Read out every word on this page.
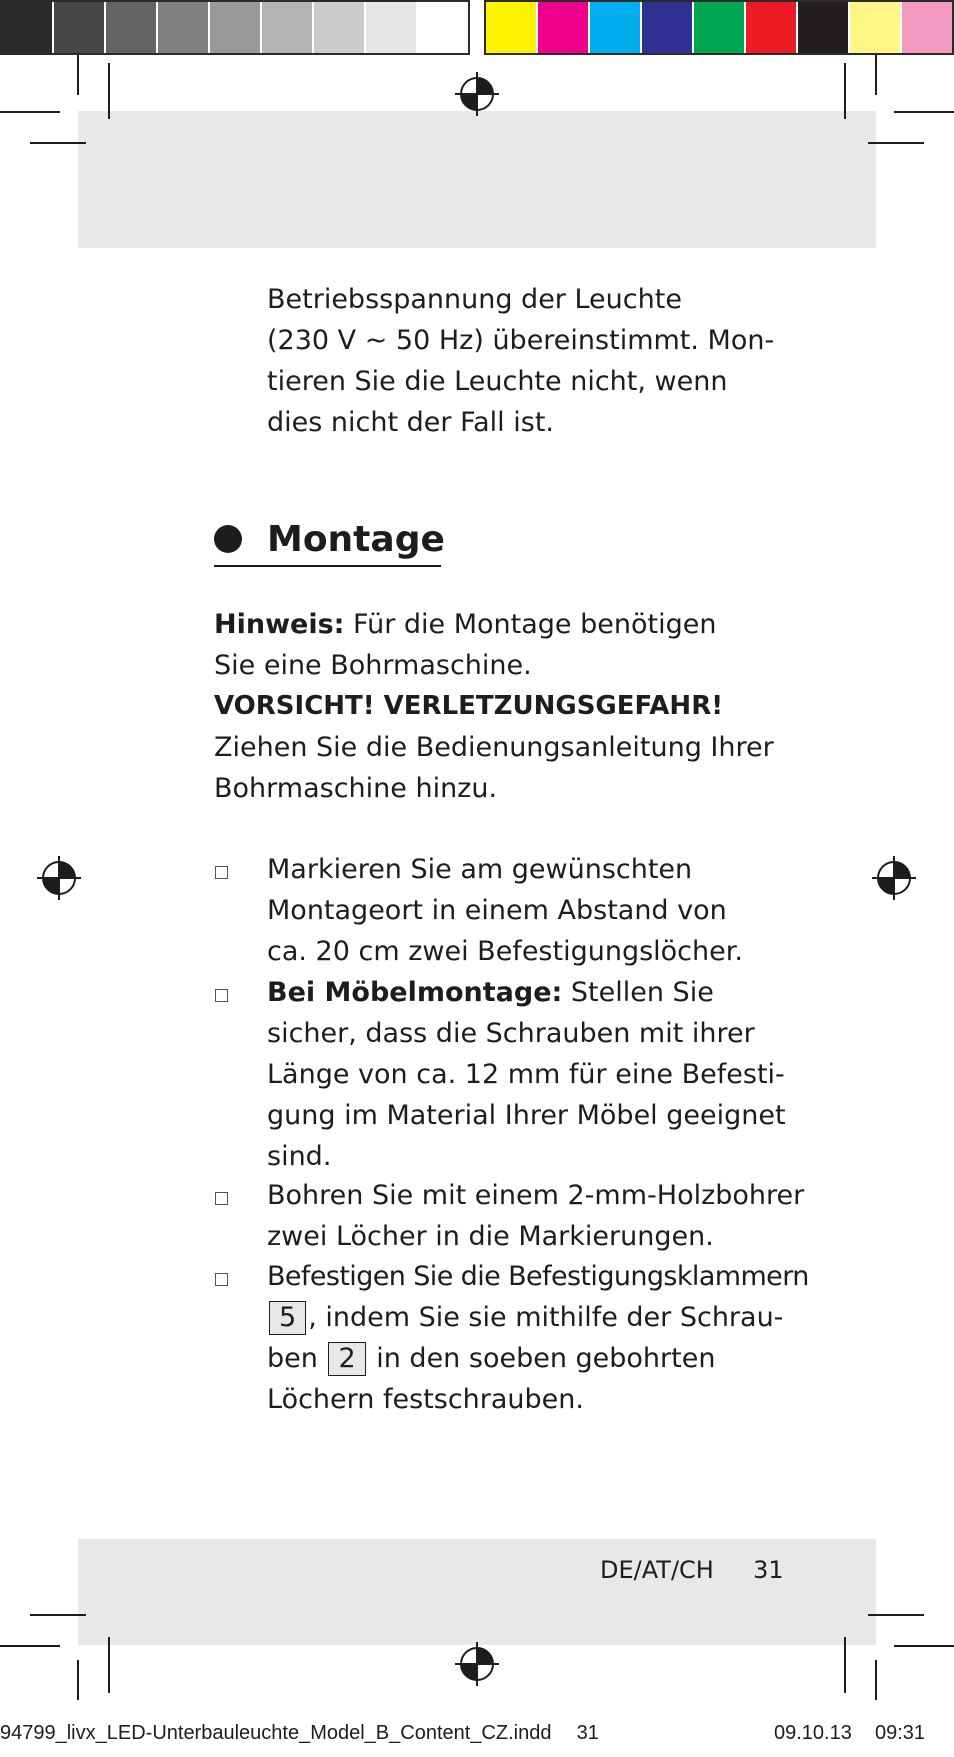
Betriebsspannung der Leuchte
(230 V ~ 50 Hz) übereinstimmt. Mon-
tieren Sie die Leuchte nicht, wenn
dies nicht der Fall ist.
Montage
Hinweis: Für die Montage benötigen
Sie eine Bohrmaschine.
VORSICHT! VERLETZUNGSGEFAHR!
Ziehen Sie die Bedienungsanleitung Ihrer
Bohrmaschine hinzu.
Markieren Sie am gewünschten
Montageort in einem Abstand von
ca. 20 cm zwei Befestigungslöcher.
Bei Möbelmontage: Stellen Sie
sicher, dass die Schrauben mit ihrer
Länge von ca. 12 mm für eine Befesti-
gung im Material Ihrer Möbel geeignet
sind.
Bohren Sie mit einem 2-mm-Holzbohrer
zwei Löcher in die Markierungen.
Befestigen Sie die Befestigungsklammern
5 , indem Sie sie mithilfe der Schrau-
ben 2 in den soeben gebohrten
Löchern festschrauben.
DE/AT/CH 31
94799_livx_LED-Unterbauleuchte_Model_B_Content_CZ.indd 31	09.10.13 09:31
